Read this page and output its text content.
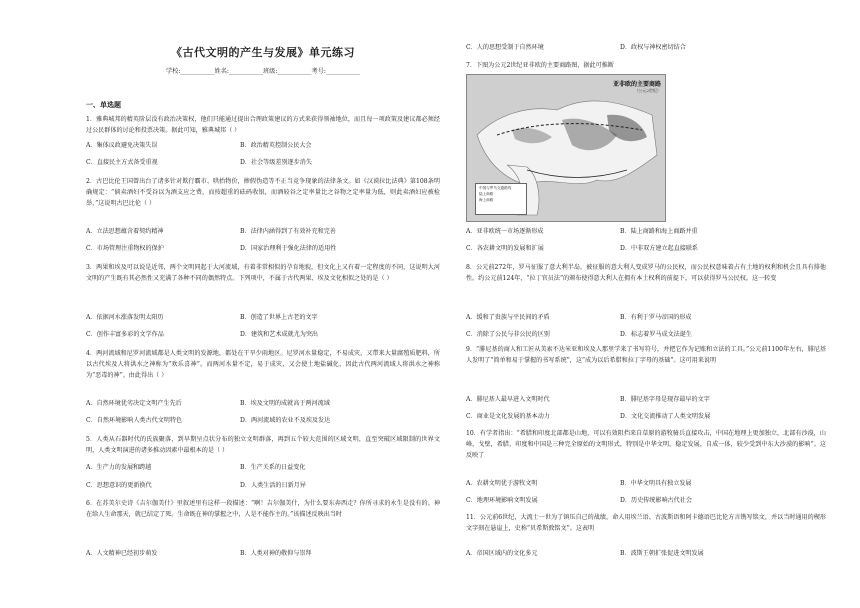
《古代文明的产生与发展》单元练习
学校:___________姓名:___________班级:___________考号:___________
一、单选题
1．雅典城邦的精英阶层没有政治决策权，他们只能通过提出合理政策建议的方式来获得领袖地位，而且每一项政策及建议都必须经过公民群体的讨论和投票决策。据此可知，雅典城邦（ ）
A．集体议政避免决策失误	B．政治精英控制公民大会
C．直接民主方式备受重视	D．社会等级差别逐步消失
2．古巴比伦王国曾出台了诸多针对欺行霸市、哄抬物价，掺假伪造等不正当竞争现象的法律条文。如《汉谟拉比法典》第108条明确规定：“倘卖酒妇不受谷以为酒支应之费，而按超重的砝码收银，而酒较谷之定率量比之谷物之定率量为低，则此卖酒妇应被检举，”这说明古巴比伦（ ）
A．立法思想蕴含着契约精神	B．法律内涵得到了有效补充和完善
C．市场管理注重物权的保护	D．国家治理利于强化法律的适用性
3．两果和埃及可以说是近邻，两个文明同起于大河流域，有着非常相似的孕育地貌，但文化上又有着一定程度的不同，这说明大河文明的产生既有其必然性又充满了各种不同的偶然特点。下列项中，不属于古代两果、埃及文化相似之处的是（ ）
A．依据河水涨落发明太阳历	B．创造了世界上古老的文字
C．创作丰富多彩的文学作品	D．建筑和艺术成就尤为突出
4．两河流域和尼罗河流域都是人类文明的发源地，都处在干旱少雨地区。尼罗河水量稳定，不易成灾，又带来大量腐殖质肥料，所以古代埃及人将洪水之神称为“欢乐喜神”。而两河水量不定，易于成灾，又会使土地盐碱化，因此古代两河流域人将洪水之神称为“恶毒的神”。由此得出（ ）
A．自然环境优劣决定文明产生先后	B．埃及文明的成就高于两河流域
C．自然环境影响人类古代文明特色	D．两河流域的农业不及埃及发达
5．人类从石器时代的氏族聚落，到早期呈点状分布的独立文明群落，再到五个较大范围的区域文明，直至突破区域限制的世界文明，人类文明演进的诸多推动因素中最根本的是（ ）
A．生产力的发展和跨越	B．生产关系的日益变化
C．思想意识的更新换代	D．人类生活的日新月异
6．在苏美尔史诗《吉尔伽美什》里叙述里有这样一段描述：“啊！吉尔伽美什，为什么要东奔西走？你所寻求的永生是没有的。神在给人生命那天，就已结定了死。生命既在神的掌握之中，人是不能作主的。”该描述反映出当时
A．人文精神已经初步萌发	B．人类对神的敬仰与崇拜
C．人的思想受制于自然环境	D．政权与神权密切结合
7．下图为公元2世纪亚非欧的主要商路图，据此可推断
亚非欧的主要商路
（公元2世纪）
中国与罗马交通路线
陆上商路
海上商路
A．亚非欧统一市场逐渐形成	B．陆上商路和海上商路并重
C．各农耕文明的发展和扩展	D．中非双方建立起直接联系
8．公元前272年，罗马征服了意大利半岛，被征服的意大利人变成罗马的公民权，而公民权意味着占有土地的权利和机会且具有排他性。约公元前124年，“拉丁官员法”的颁布使得意大利人在拥有本土权利的前提下，可以获得罗马公民权。这一转变
A．缓和了贵族与平民间的矛盾	B．有利于罗马帝国的形成
C．消除了公民与非公民的区别	D．标志着罗马成文法诞生
9．“腓尼基的商人和工匠从美索不达米亚和埃及人那里学来了书写符号，并把它作为记账和立法的工具。”公元前1100年左右，腓尼基人发明了“简单和易于掌握的书写系统”，这“成为以后希腊和拉丁字母的基础”。这可用来说明
A．腓尼基人最早进入文明时代	B．腓尼基字母是现存最早的文字
C．商业是文化发展的基本动力	D．文化交流推动了人类文明发展
10．有学者指出：“希腊和印度北部都是山地，可以有效阻挡来自草原的游牧骑兵直接攻击，中国在地理上更加独立，北部有沙漠，山峰，戈壁，希腊，印度和中国是三种完全原始的文明形式，特别是中华文明，稳定发展，自成一体，较少受到中东大沙漠的影响”。这反映了
A．农耕文明优于游牧文明	B．中华文明具有独立发展
C．地理环境影响文明发展	D．历史传统影响古代社会
11．公元前6世纪，大流士一世为了镇压自己的战绩，命人用埃兰语、古波斯语和阿卡德语巴比伦方言镌写铭文，并以当时通用的楔形文字刻在悬崖上，史称“贝希斯敦铭文”。这表明
A．帝国区域内的文化多元	B．波斯王朝扩张促进文明发展
